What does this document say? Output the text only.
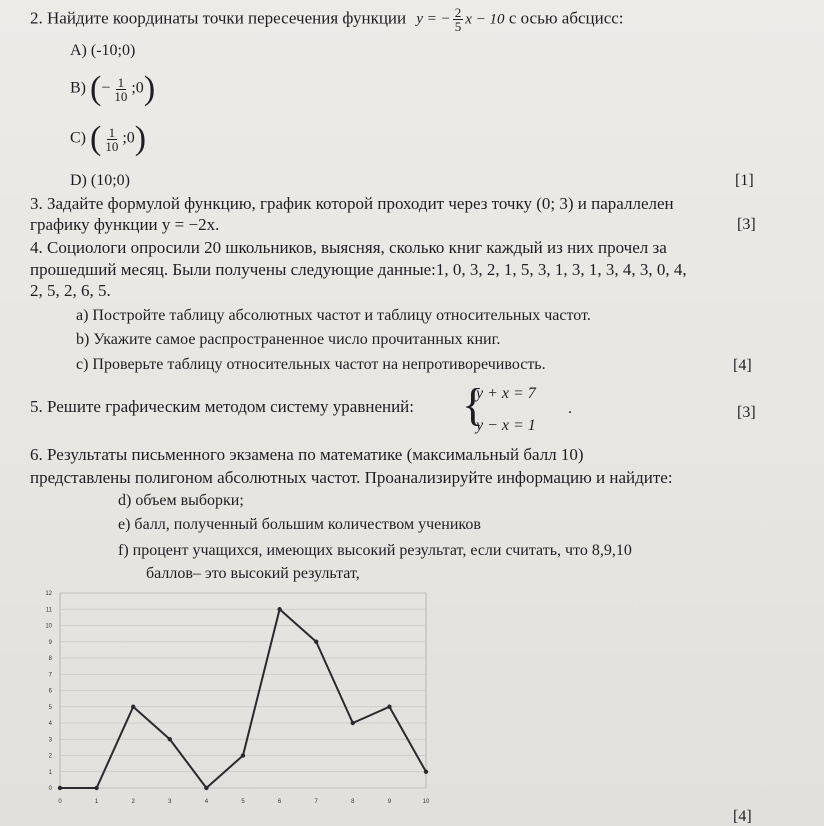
2. Найдите координаты точки пересечения функции y = − $\frac{2}{5}$ x − 10 с осью абсцисс:
A) (-10;0)
B) (− $\frac{1}{10}$ ;0)
C) ( $\frac{1}{10}$ ;0)
D) (10;0)	[1]
3. Задайте формулой функцию, график которой проходит через точку (0; 3) и параллелен
графику функции y = −2x.	[3]
4. Социологи опросили 20 школьников, выясняя, сколько книг каждый из них прочел за
прошедший месяц. Были получены следующие данные:1, 0, 3, 2, 1, 5, 3, 1, 3, 1, 3, 4, 3, 0, 4,
2, 5, 2, 6, 5.
a) Постройте таблицу абсолютных частот и таблицу относительных частот.
b) Укажите самое распространенное число прочитанных книг.
c) Проверьте таблицу относительных частот на непротиворечивость.	[4]
5. Решите графическим методом систему уравнений: {
y + x = 7
y − x = 1
.	[3]
6. Результаты письменного экзамена по математике (максимальный балл 10)
представлены полигоном абсолютных частот. Проанализируйте информацию и найдите:
d) объем выборки;
e) балл, полученный большим количеством учеников
f) процент учащихся, имеющих высокий результат, если считать, что 8,9,10
баллов– это высокий результат,
0
1
2
3
4
5
6
7
8
9
10
11
12
0	1	2	3	4	5	6	7	8	9	10
[4]
